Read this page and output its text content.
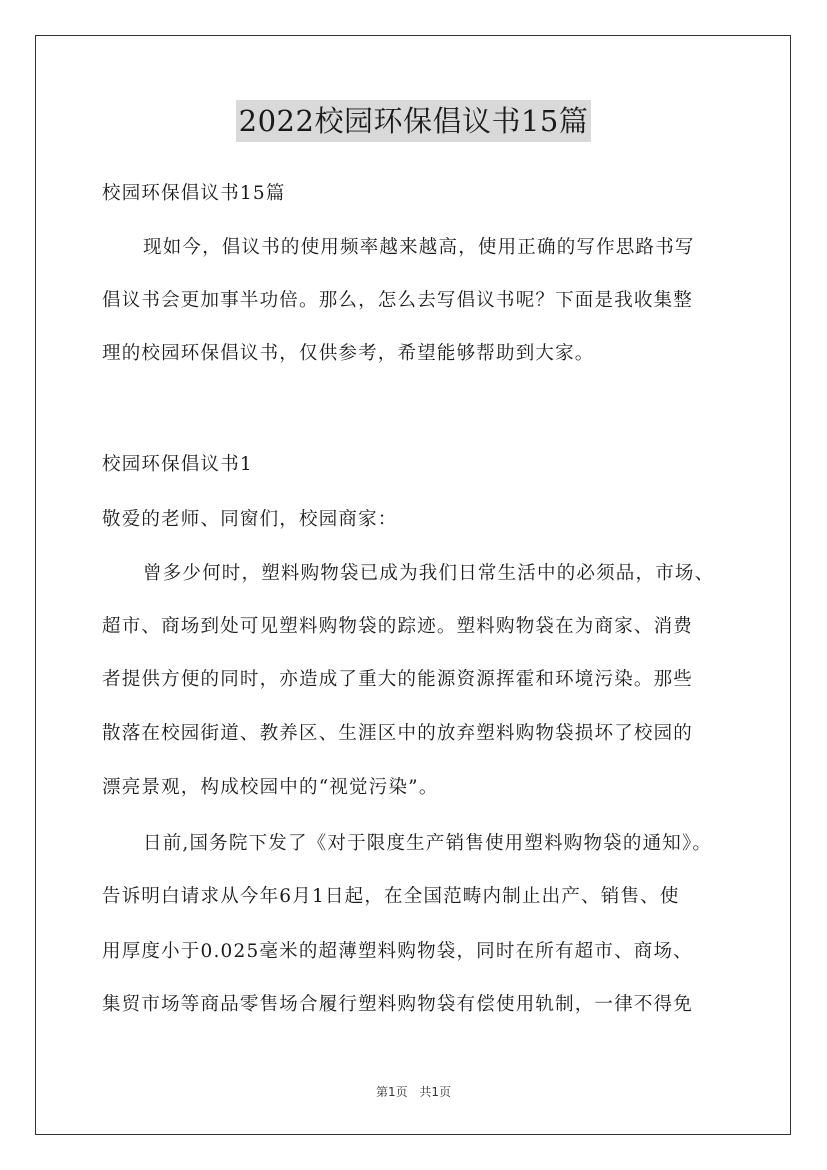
2022校园环保倡议书15篇
校园环保倡议书15篇
现如今，倡议书的使用频率越来越高，使用正确的写作思路书写
倡议书会更加事半功倍。那么，怎么去写倡议书呢？下面是我收集整
理的校园环保倡议书，仅供参考，希望能够帮助到大家。
校园环保倡议书1
敬爱的老师、同窗们，校园商家：
曾多少何时，塑料购物袋已成为我们日常生活中的必须品，市场、
超市、商场到处可见塑料购物袋的踪迹。塑料购物袋在为商家、消费
者提供方便的同时，亦造成了重大的能源资源挥霍和环境污染。那些
散落在校园街道、教养区、生涯区中的放弃塑料购物袋损坏了校园的
漂亮景观，构成校园中的“视觉污染”。
日前,国务院下发了《对于限度生产销售使用塑料购物袋的通知》。
告诉明白请求从今年6月1日起，在全国范畴内制止出产、销售、使
用厚度小于0.025毫米的超薄塑料购物袋，同时在所有超市、商场、
集贸市场等商品零售场合履行塑料购物袋有偿使用轨制，一律不得免
第1页 共1页
